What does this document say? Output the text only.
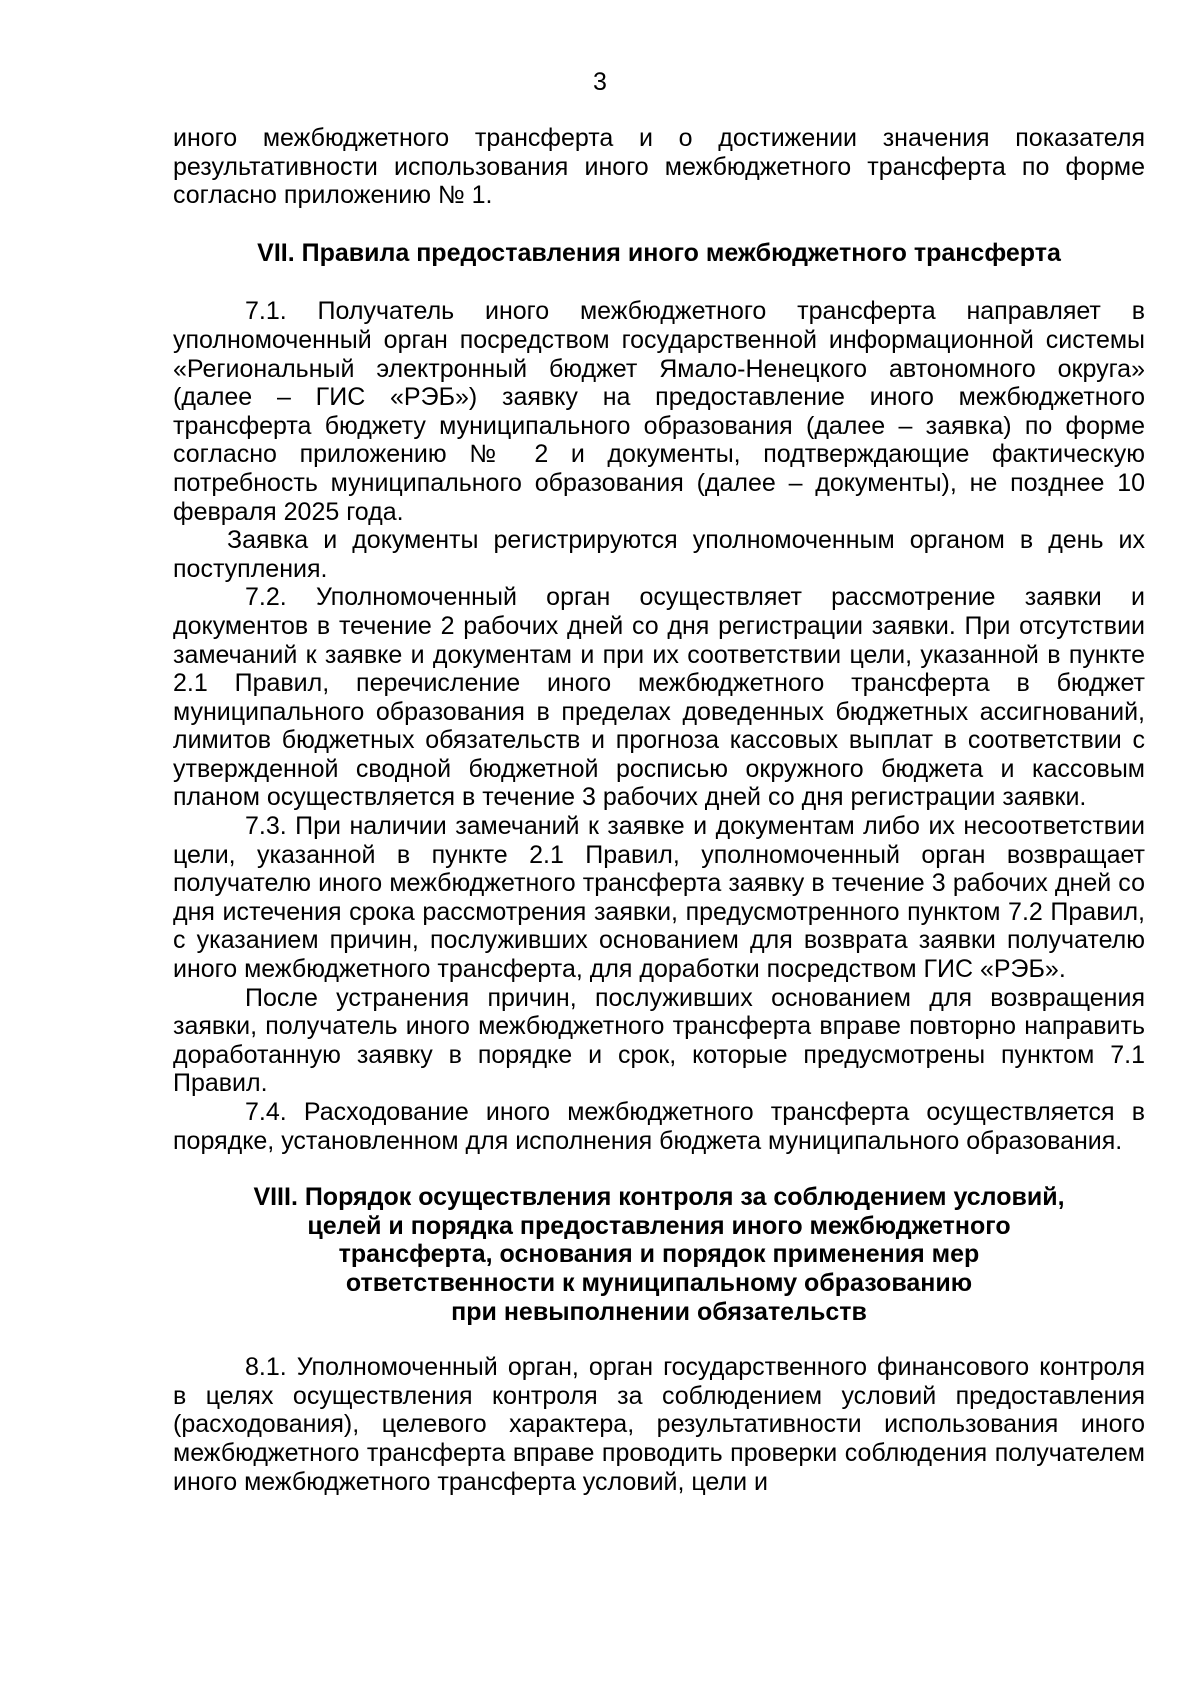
3

иного межбюджетного трансферта и о достижении значения показателя результативности использования иного межбюджетного трансферта по форме согласно приложению № 1.

VII. Правила предоставления иного межбюджетного трансферта

7.1. Получатель иного межбюджетного трансферта направляет в уполномоченный орган посредством государственной информационной системы «Региональный электронный бюджет Ямало-Ненецкого автономного округа» (далее – ГИС «РЭБ») заявку на предоставление иного межбюджетного трансферта бюджету муниципального образования (далее – заявка) по форме согласно приложению № 2 и документы, подтверждающие фактическую потребность муниципального образования (далее – документы), не позднее 10 февраля 2025 года.

Заявка и документы регистрируются уполномоченным органом в день их поступления.

7.2. Уполномоченный орган осуществляет рассмотрение заявки и документов в течение 2 рабочих дней со дня регистрации заявки. При отсутствии замечаний к заявке и документам и при их соответствии цели, указанной в пункте 2.1 Правил, перечисление иного межбюджетного трансферта в бюджет муниципального образования в пределах доведенных бюджетных ассигнований, лимитов бюджетных обязательств и прогноза кассовых выплат в соответствии с утвержденной сводной бюджетной росписью окружного бюджета и кассовым планом осуществляется в течение 3 рабочих дней со дня регистрации заявки.

7.3. При наличии замечаний к заявке и документам либо их несоответствии цели, указанной в пункте 2.1 Правил, уполномоченный орган возвращает получателю иного межбюджетного трансферта заявку в течение 3 рабочих дней со дня истечения срока рассмотрения заявки, предусмотренного пунктом 7.2 Правил, с указанием причин, послуживших основанием для возврата заявки получателю иного межбюджетного трансферта, для доработки посредством ГИС «РЭБ».

После устранения причин, послуживших основанием для возвращения заявки, получатель иного межбюджетного трансферта вправе повторно направить доработанную заявку в порядке и срок, которые предусмотрены пунктом 7.1 Правил.

7.4. Расходование иного межбюджетного трансферта осуществляется в порядке, установленном для исполнения бюджета муниципального образования.

VIII. Порядок осуществления контроля за соблюдением условий,
целей и порядка предоставления иного межбюджетного
трансферта, основания и порядок применения мер
ответственности к муниципальному образованию
при невыполнении обязательств

8.1. Уполномоченный орган, орган государственного финансового контроля в целях осуществления контроля за соблюдением условий предоставления (расходования), целевого характера, результативности использования иного межбюджетного трансферта вправе проводить проверки соблюдения получателем иного межбюджетного трансферта условий, цели и
